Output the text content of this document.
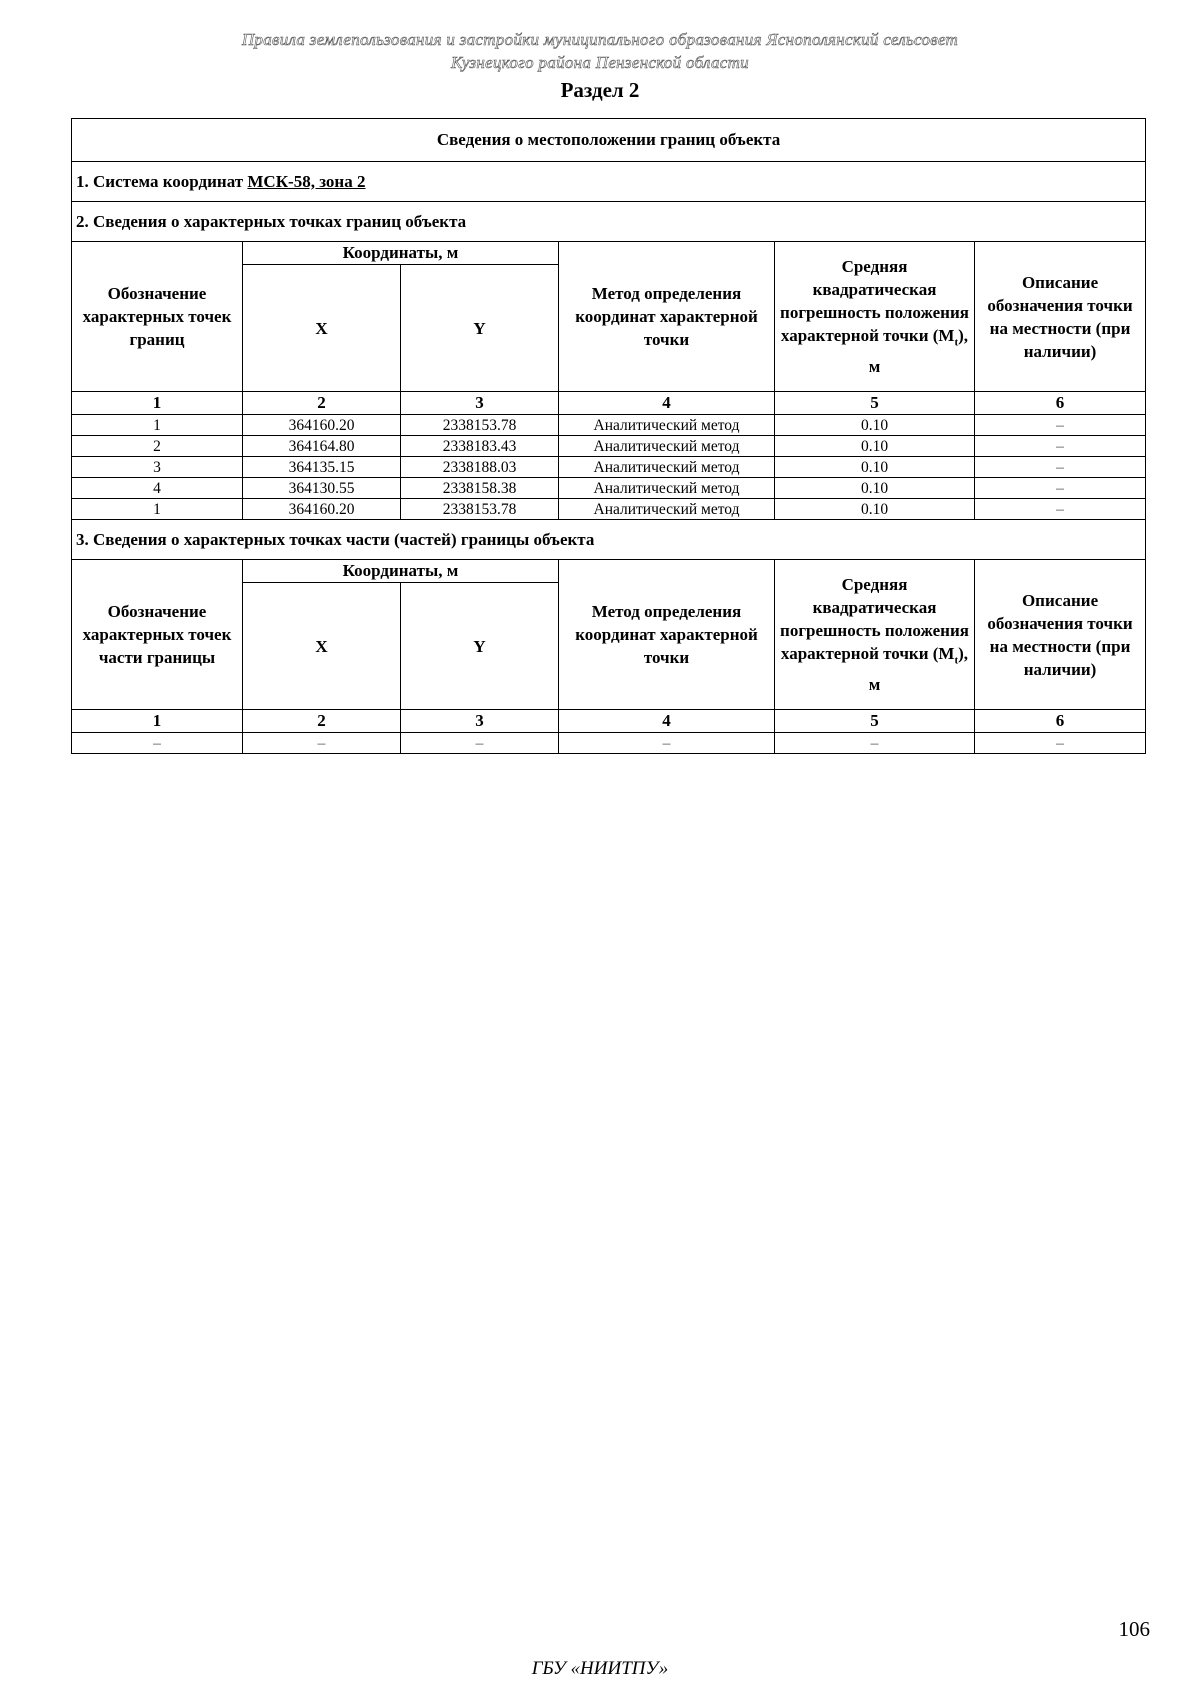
Правила землепользования и застройки муниципального образования Яснополянский сельсовет
Кузнецкого района Пензенской области
Раздел 2
Сведения о местоположении границ объекта					
1. Система координат МСК-58, зона 2					
2. Сведения о характерных точках границ объекта					
Обозначение характерных точек границ	Координаты, м		Метод определения координат характерной точки	Средняя квадратическая погрешность положения характерной точки $(M_t)$, м	Описание обозначения точки на местности (при наличии)
	X	Y			
1	2	3	4	5	6
1	364160.20	2338153.78	Аналитический метод	0.10	–
2	364164.80	2338183.43	Аналитический метод	0.10	–
3	364135.15	2338188.03	Аналитический метод	0.10	–
4	364130.55	2338158.38	Аналитический метод	0.10	–
1	364160.20	2338153.78	Аналитический метод	0.10	–
3. Сведения о характерных точках части (частей) границы объекта					
Обозначение характерных точек части границы	Координаты, м		Метод определения координат характерной точки	Средняя квадратическая погрешность положения характерной точки $(M_t)$, м	Описание обозначения точки на местности (при наличии)
	X	Y			
1	2	3	4	5	6
–	–	–	–	–	–
106
ГБУ «НИИТПУ»
